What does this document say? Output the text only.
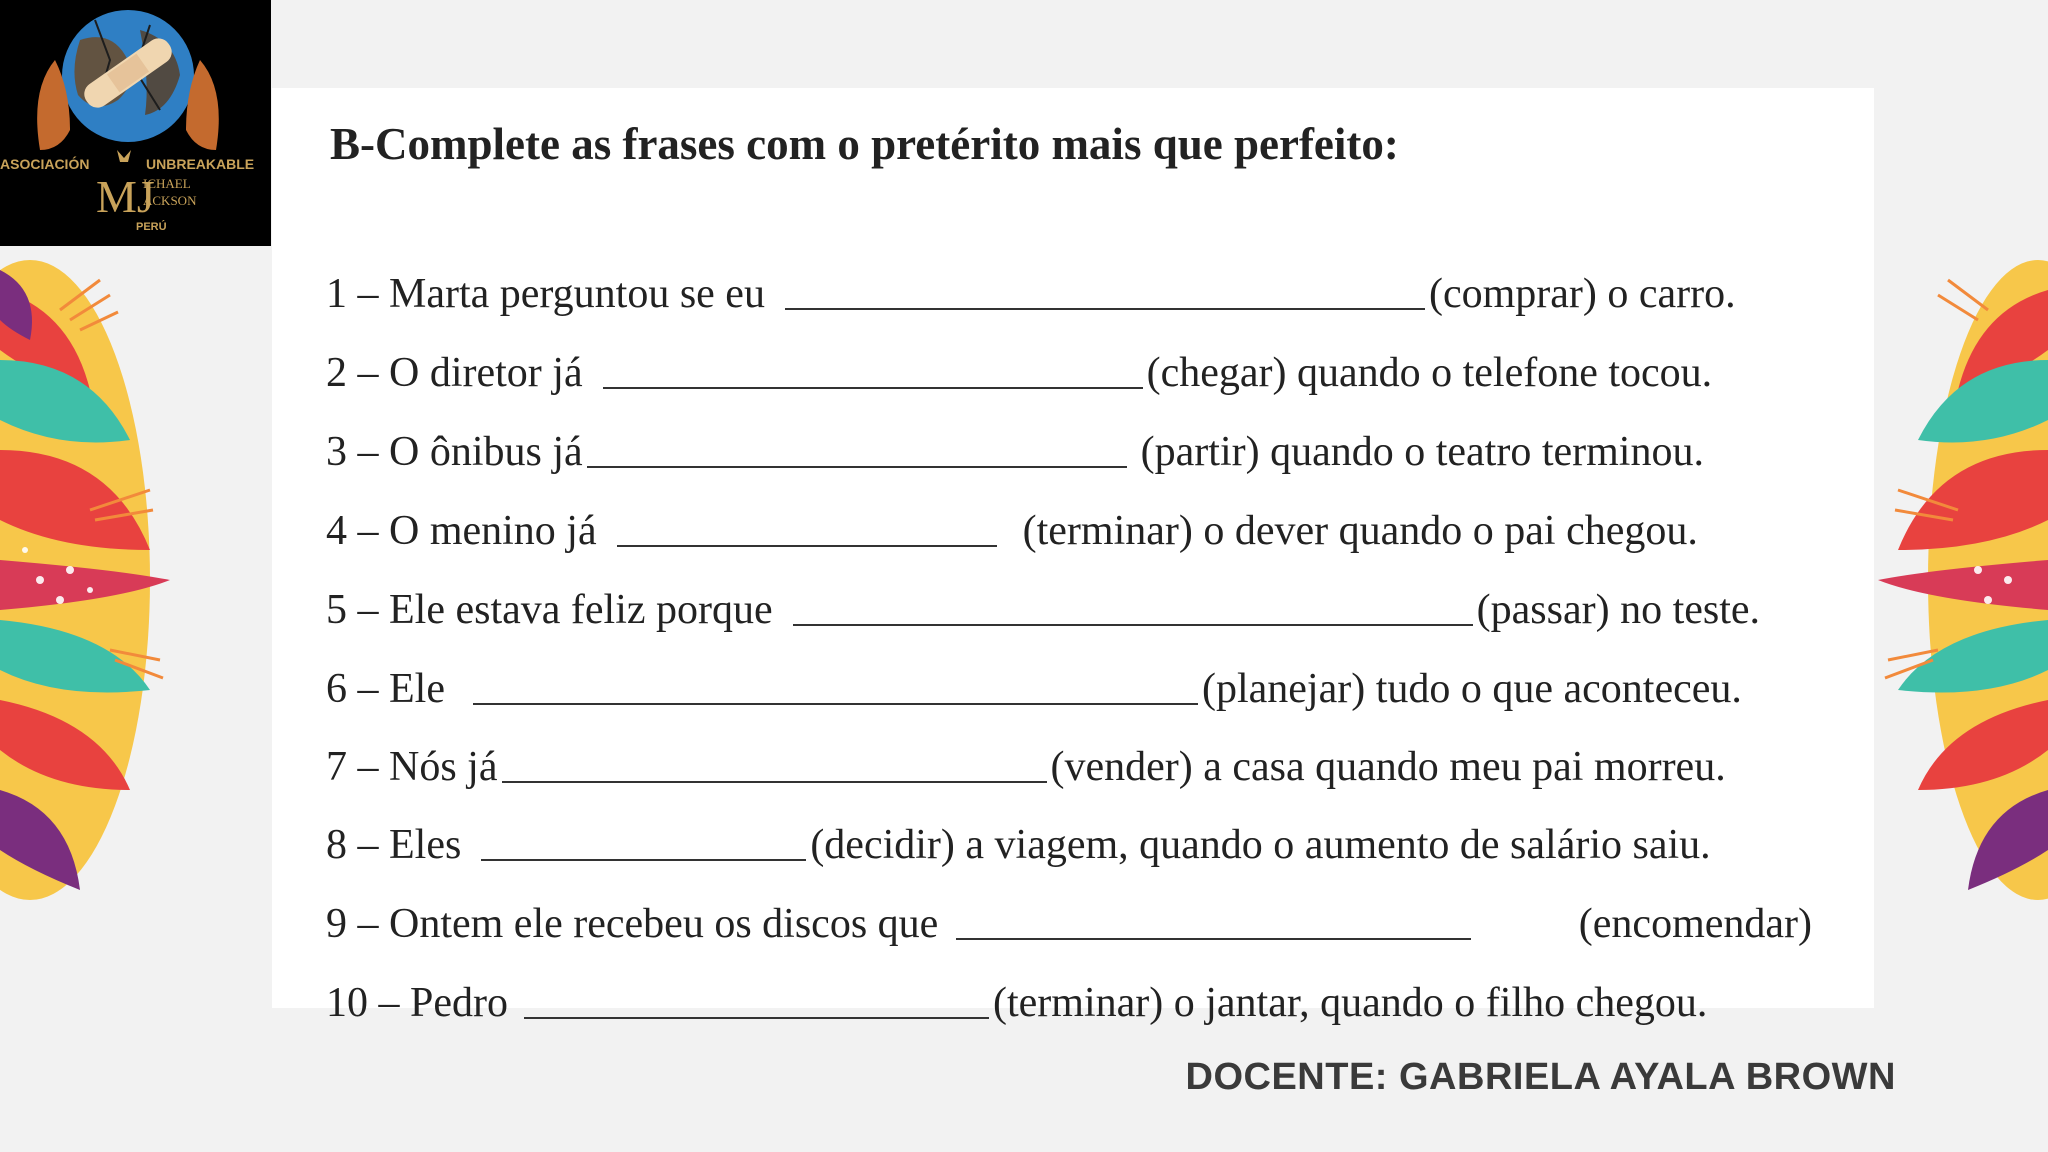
ASOCIACIÓN	UNBREAKABLE
MJ
ICHAEL
ACKSON
PERÚ
B-Complete as frases com o pretérito mais que perfeito:
1 – Marta perguntou se eu	(comprar) o carro.
2 – O diretor já	(chegar) quando o telefone tocou.
3 – O ônibus já	(partir) quando o teatro terminou.
4 – O menino já	(terminar) o dever quando o pai chegou.
5 – Ele estava feliz porque	(passar) no teste.
6 – Ele	(planejar) tudo o que aconteceu.
7 – Nós já	(vender) a casa quando meu pai morreu.
8 – Eles	(decidir) a viagem, quando o aumento de salário saiu.
9 – Ontem ele recebeu os discos que	(encomendar)
10 – Pedro	(terminar) o jantar, quando o filho chegou.
DOCENTE: GABRIELA AYALA BROWN
